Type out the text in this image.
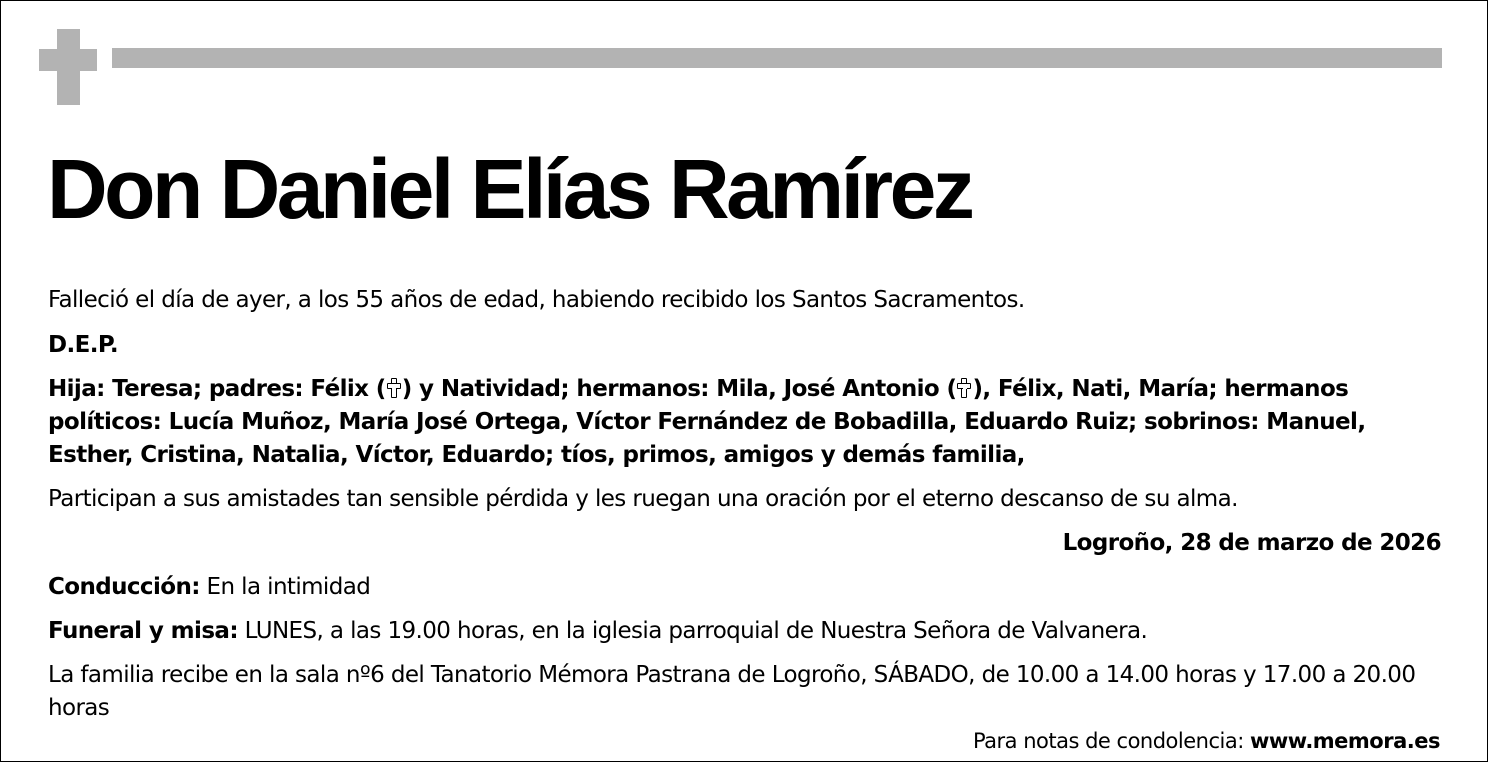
Don Daniel Elías Ramírez

Falleció el día de ayer, a los 55 años de edad, habiendo recibido los Santos Sacramentos.

D.E.P.

Hija: Teresa; padres: Félix ( ) y Natividad; hermanos: Mila, José Antonio ( ), Félix, Nati, María; hermanos políticos: Lucía Muñoz, María José Ortega, Víctor Fernández de Bobadilla, Eduardo Ruiz; sobrinos: Manuel, Esther, Cristina, Natalia, Víctor, Eduardo; tíos, primos, amigos y demás familia,

Participan a sus amistades tan sensible pérdida y les ruegan una oración por el eterno descanso de su alma.

Logroño, 28 de marzo de 2026

Conducción: En la intimidad

Funeral y misa: LUNES, a las 19.00 horas, en la iglesia parroquial de Nuestra Señora de Valvanera.

La familia recibe en la sala nº6 del Tanatorio Mémora Pastrana de Logroño, SÁBADO, de 10.00 a 14.00 horas y 17.00 a 20.00 horas

Para notas de condolencia: www.memora.es
